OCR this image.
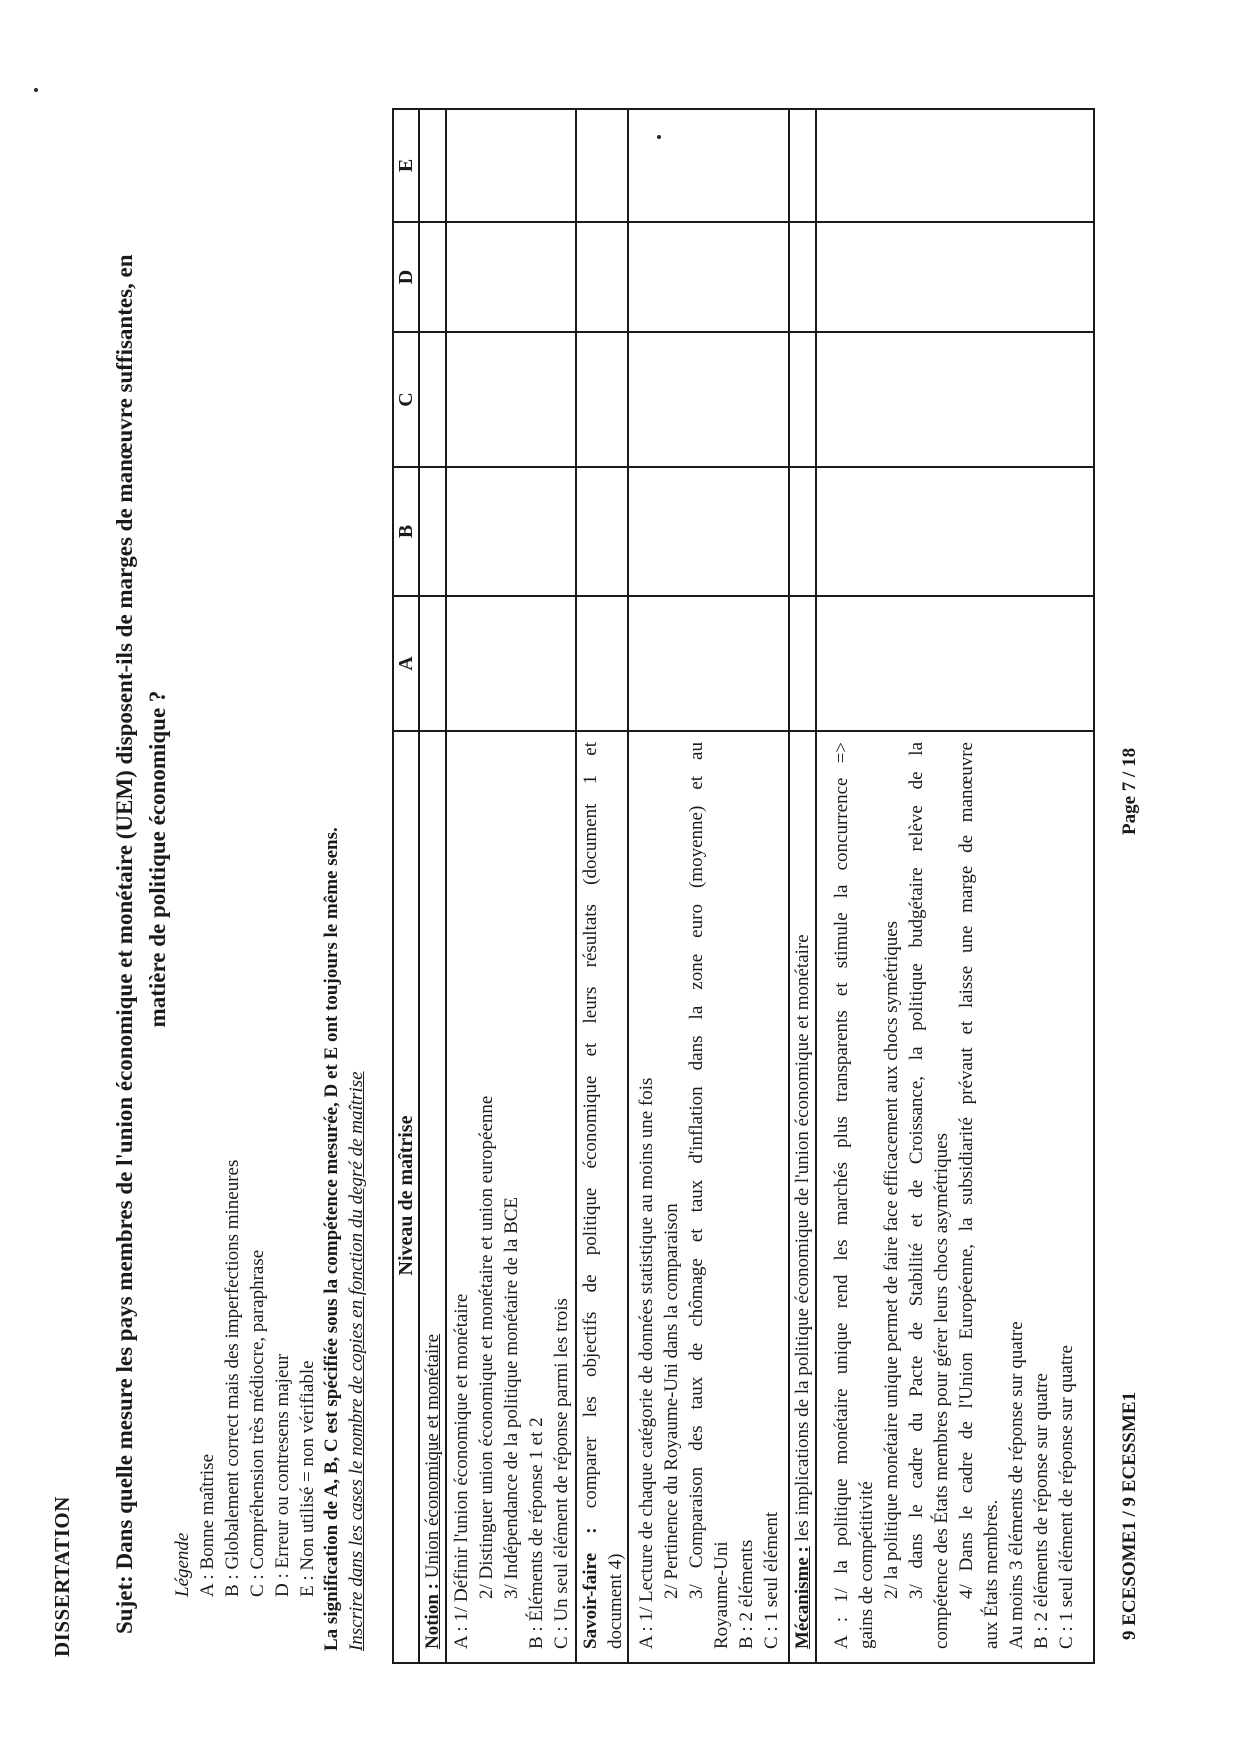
DISSERTATION Sujet: Dans quelle mesure les pays membres de l'union économique et monétaire (UEM) disposent-ils de marges de manœuvre suffisantes, en matière de politique économique ?
Légende A : Bonne maîtrise B : Globalement correct mais des imperfections mineures C : Compréhension très médiocre, paraphrase D : Erreur ou contresens majeur E : Non utilisé = non vérifiable La signification de A, B, C est spécifiée sous la compétence mesurée, D et E ont toujours le même sens. Inscrire dans les cases le nombre de copies en fonction du degré de maîtrise Niveau de maîtrise
A
B
C
D
E
Notion : Union économique et monétaire A : 1/ Définir l'union économique et monétaire 2/ Distinguer union économique et monétaire et union européenne 3/ Indépendance de la politique monétaire de la BCE B : Éléments de réponse 1 et 2 C : Un seul élément de réponse parmi les trois Savoir-faire : comparer les objectifs de politique économique et leurs résultats (document 1 et
document 4) A : 1/ Lecture de chaque catégorie de données statistique au moins une fois 2/ Pertinence du Royaume-Uni dans la comparaison 3/ Comparaison des taux de chômage et taux d'inflation dans la zone euro (moyenne) et au Royaume-Uni B : 2 éléments C : 1 seul élément Mécanisme : les implications de la politique économique de l'union économique et monétaire A : 1/ la politique monétaire unique rend les marchés plus transparents et stimule la concurrence => gains de compétitivité 2/ la politique monétaire unique permet de faire face efficacement aux chocs symétriques 3/ dans le cadre du Pacte de Stabilité et de Croissance, la politique budgétaire relève de la compétence des États membres pour gérer leurs chocs asymétriques 4/ Dans le cadre de l'Union Européenne, la subsidiarité prévaut et laisse une marge de manœuvre aux États membres. Au moins 3 éléments de réponse sur quatre B : 2 éléments de réponse sur quatre C : 1 seul élément de réponse sur quatre 9 ECESOME1 / 9 ECESSME1
Page 7 / 18
